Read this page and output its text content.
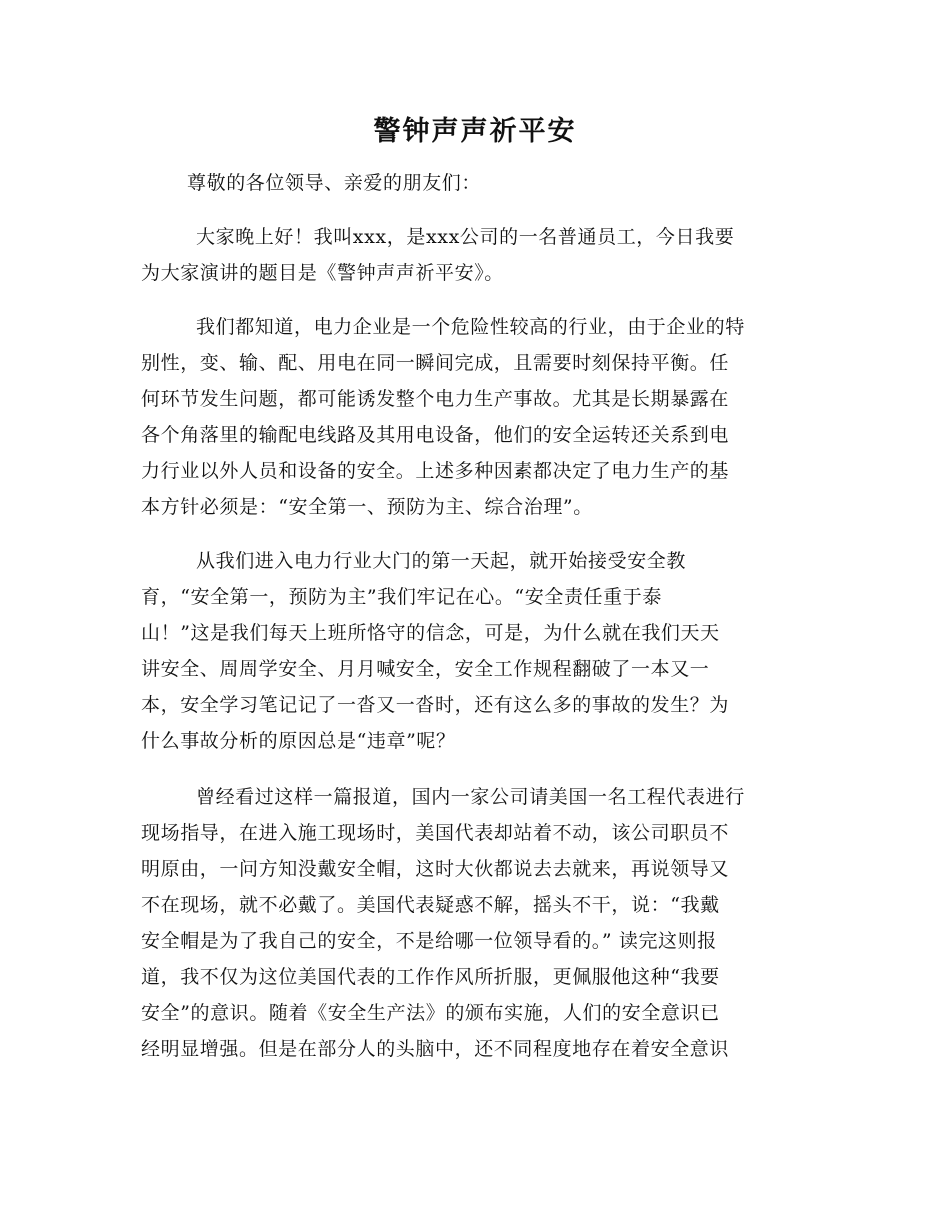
警钟声声祈平安
尊敬的各位领导、亲爱的朋友们：
大家晚上好！我叫xxx，是xxx公司的一名普通员工，今日我要
为大家演讲的题目是《警钟声声祈平安》。
我们都知道，电力企业是一个危险性较高的行业，由于企业的特
别性，变、输、配、用电在同一瞬间完成，且需要时刻保持平衡。任
何环节发生问题，都可能诱发整个电力生产事故。尤其是长期暴露在
各个角落里的输配电线路及其用电设备，他们的安全运转还关系到电
力行业以外人员和设备的安全。上述多种因素都决定了电力生产的基
本方针必须是：“安全第一、预防为主、综合治理”。
从我们进入电力行业大门的第一天起，就开始接受安全教
育，“安全第一，预防为主”我们牢记在心。“安全责任重于泰
山！”这是我们每天上班所恪守的信念，可是，为什么就在我们天天
讲安全、周周学安全、月月喊安全，安全工作规程翻破了一本又一
本，安全学习笔记记了一沓又一沓时，还有这么多的事故的发生？为
什么事故分析的原因总是“违章”呢？
曾经看过这样一篇报道，国内一家公司请美国一名工程代表进行
现场指导，在进入施工现场时，美国代表却站着不动，该公司职员不
明原由，一问方知没戴安全帽，这时大伙都说去去就来，再说领导又
不在现场，就不必戴了。美国代表疑惑不解，摇头不干，说：“我戴
安全帽是为了我自己的安全，不是给哪一位领导看的。” 读完这则报
道，我不仅为这位美国代表的工作作风所折服，更佩服他这种“我要
安全”的意识。随着《安全生产法》的颁布实施，人们的安全意识已
经明显增强。但是在部分人的头脑中，还不同程度地存在着安全意识
